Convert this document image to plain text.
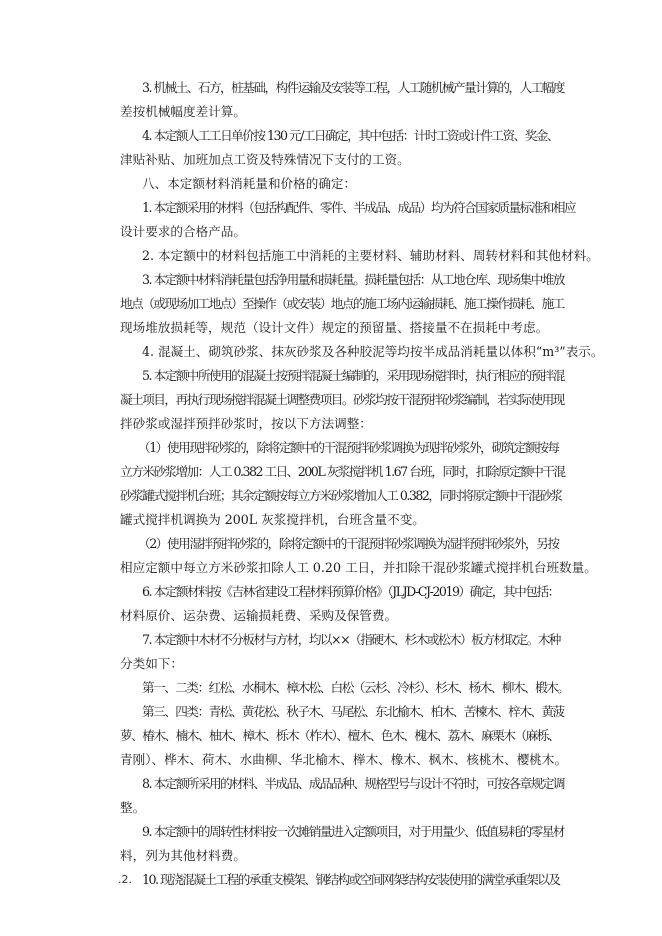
3. 机械土、石方，桩基础，构件运输及安装等工程，人工随机械产量计算的，人工幅度
差按机械幅度差计算。
4. 本定额人工工日单价按 130 元/工日确定，其中包括：计时工资或计件工资、奖金、
津贴补贴、加班加点工资及特殊情况下支付的工资。
八、本定额材料消耗量和价格的确定：
1. 本定额采用的材料（包括构配件、零件、半成品、成品）均为符合国家质量标准和相应
设计要求的合格产品。
2. 本定额中的材料包括施工中消耗的主要材料、辅助材料、周转材料和其他材料。
3. 本定额中材料消耗量包括净用量和损耗量。损耗量包括：从工地仓库、现场集中堆放
地点（或现场加工地点）至操作（或安装）地点的施工场内运输损耗、施工操作损耗、施工
现场堆放损耗等，规范（设计文件）规定的预留量、搭接量不在损耗中考虑。
4. 混凝土、砌筑砂浆、抹灰砂浆及各种胶泥等均按半成品消耗量以体积“m³”表示。
5. 本定额中所使用的混凝土按预拌混凝土编制的，采用现场搅拌时，执行相应的预拌混
凝土项目，再执行现场搅拌混凝土调整费项目。砂浆均按干混预拌砂浆编制，若实际使用现
拌砂浆或湿拌预拌砂浆时，按以下方法调整：
（1）使用现拌砂浆的，除将定额中的干混预拌砂浆调换为现拌砂浆外，砌筑定额按每
立方米砂浆增加：人工 0.382 工日、200L 灰浆搅拌机 1.67 台班，同时，扣除原定额中干混
砂浆罐式搅拌机台班；其余定额按每立方米砂浆增加人工 0.382，同时将原定额中干混砂浆
罐式搅拌机调换为 200L 灰浆搅拌机，台班含量不变。
（2）使用湿拌预拌砂浆的，除将定额中的干混预拌砂浆调换为湿拌预拌砂浆外，另按
相应定额中每立方米砂浆扣除人工 0.20 工日，并扣除干混砂浆罐式搅拌机台班数量。
6. 本定额材料按《吉林省建设工程材料预算价格》（JLJD-CJ-2019）确定，其中包括：
材料原价、运杂费、运输损耗费、采购及保管费。
7. 本定额中木材不分板材与方材，均以××（指硬木、杉木或松木）板方材取定。木种
分类如下：
第一、二类：红松、水桐木、樟木松、白松（云杉、冷杉）、杉木、杨木、柳木、椴木。
第三、四类：青松、黄花松、秋子木、马尾松、东北榆木、柏木、苦楝木、梓木、黄菠
萝、椿木、楠木、柚木、樟木、栎木（柞木）、檀木、色木、槐木、荔木、麻栗木（麻栎、
青刚）、桦木、荷木、水曲柳、华北榆木、榉木、橡木、枫木、核桃木、樱桃木。
8. 本定额所采用的材料、半成品、成品品种、规格型号与设计不符时，可按各章规定调
整。
9. 本定额中的周转性材料按一次摊销量进入定额项目，对于用量少、低值易耗的零星材
料，列为其他材料费。
10. 现浇混凝土工程的承重支模架、钢结构或空间网架结构安装使用的满堂承重架以及
.2.
